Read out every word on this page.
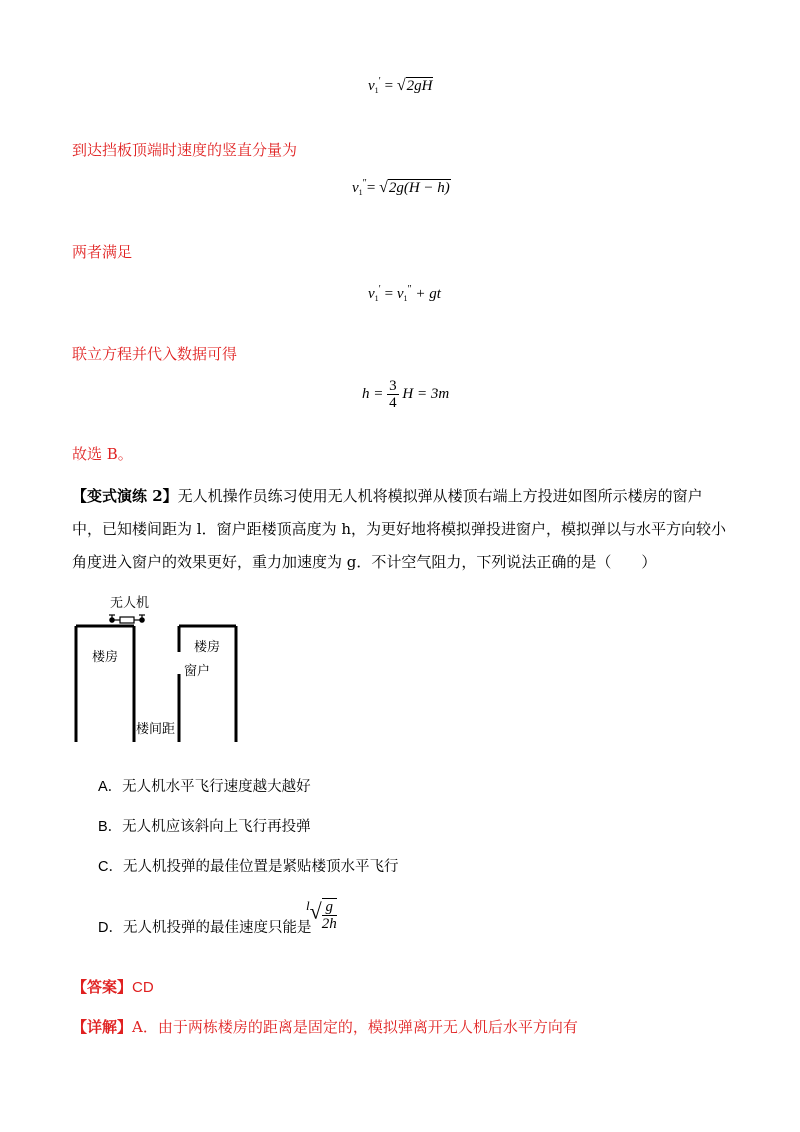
$v_1' = √2gH$
到达挡板顶端时速度的竖直分量为
$v_1''= √2g(H - h)$
两者满足
$v_1' = v_1''$ + gt
联立方程并代入数据可得
$h = \frac{3}{4}$ H = 3m
故选 B。
【变式演练 2】无人机操作员练习使用无人机将模拟弹从楼顶右端上方投进如图所示楼房的窗户中，已知楼间距为 l．窗户距楼顶高度为 h，为更好地将模拟弹投进窗户，模拟弹以与水平方向较小角度进入窗户的效果更好，重力加速度为 g．不计空气阻力，下列说法正确的是（　　）
无人机
楼房
楼房
窗户
楼间距
A．无人机水平飞行速度越大越好
B．无人机应该斜向上飞行再投弹
C．无人机投弹的最佳位置是紧贴楼顶水平飞行
D．无人机投弹的最佳速度只能是
$l√ \frac{g}{2h}$
【答案】CD
【详解】A．由于两栋楼房的距离是固定的，模拟弹离开无人机后水平方向有
